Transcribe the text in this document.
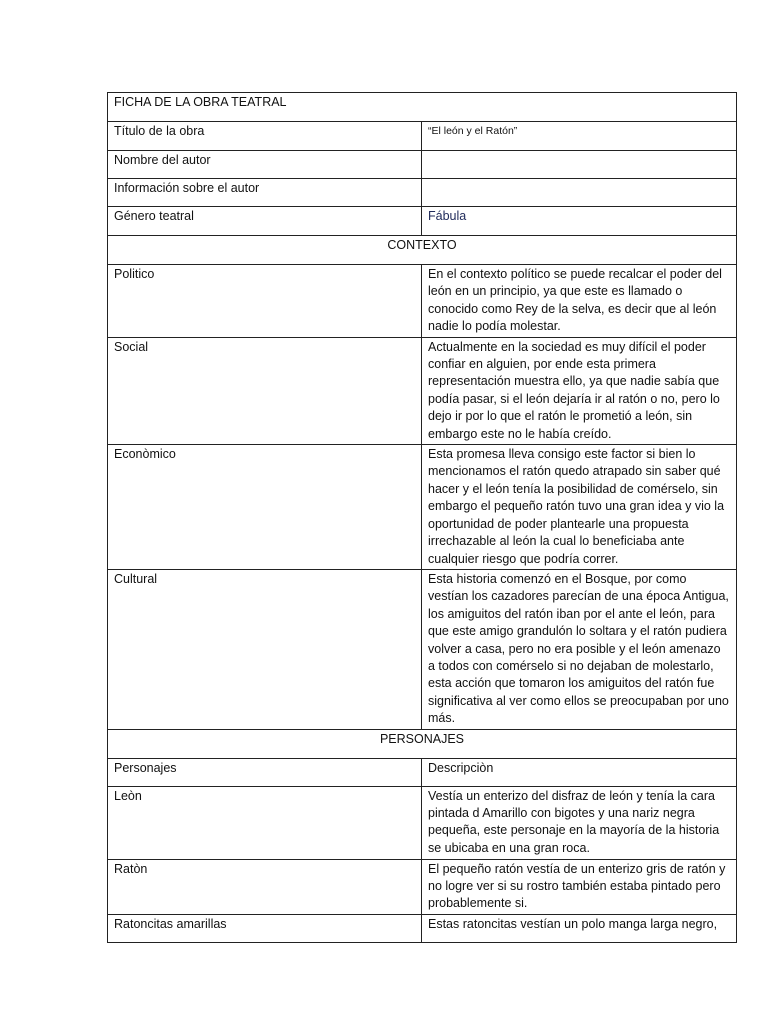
FICHA DE LA OBRA TEATRAL	
Título de la obra	“El león y el Ratón”
Nombre del autor	
Información sobre el autor	
Género teatral	Fábula
CONTEXTO	
Politico	En el contexto político se puede recalcar el poder del león en un principio, ya que este es llamado o conocido como Rey de la selva, es decir que al león nadie lo podía molestar.
Social	Actualmente en la sociedad es muy difícil el poder confiar en alguien, por ende esta primera representación muestra ello, ya que nadie sabía que podía pasar, si el león dejaría ir al ratón o no, pero lo dejo ir por lo que el ratón le prometió a león, sin embargo este no le había creído.
Econòmico	Esta promesa lleva consigo este factor si bien lo mencionamos el ratón quedo atrapado sin saber qué hacer y el león tenía la posibilidad de comérselo, sin embargo el pequeño ratón tuvo una gran idea y vio la oportunidad de poder plantearle una propuesta irrechazable al león la cual lo beneficiaba ante cualquier riesgo que podría correr.
Cultural	Esta historia comenzó en el Bosque, por como vestían los cazadores parecían de una época Antigua, los amiguitos del ratón iban por el ante el león, para que este amigo grandulón lo soltara y el ratón pudiera volver a casa, pero no era posible y el león amenazo a todos con comérselo si no dejaban de molestarlo, esta acción que tomaron los amiguitos del ratón fue significativa al ver como ellos se preocupaban por uno más.
PERSONAJES	
Personajes	Descripciòn
Leòn	Vestía un enterizo del disfraz de león y tenía la cara pintada d Amarillo con bigotes y una nariz negra pequeña, este personaje en la mayoría de la historia se ubicaba en una gran roca.
Ratòn	El pequeño ratón vestía de un enterizo gris de ratón y no logre ver si su rostro también estaba pintado pero probablemente si.
Ratoncitas amarillas	Estas ratoncitas vestían un polo manga larga negro,
